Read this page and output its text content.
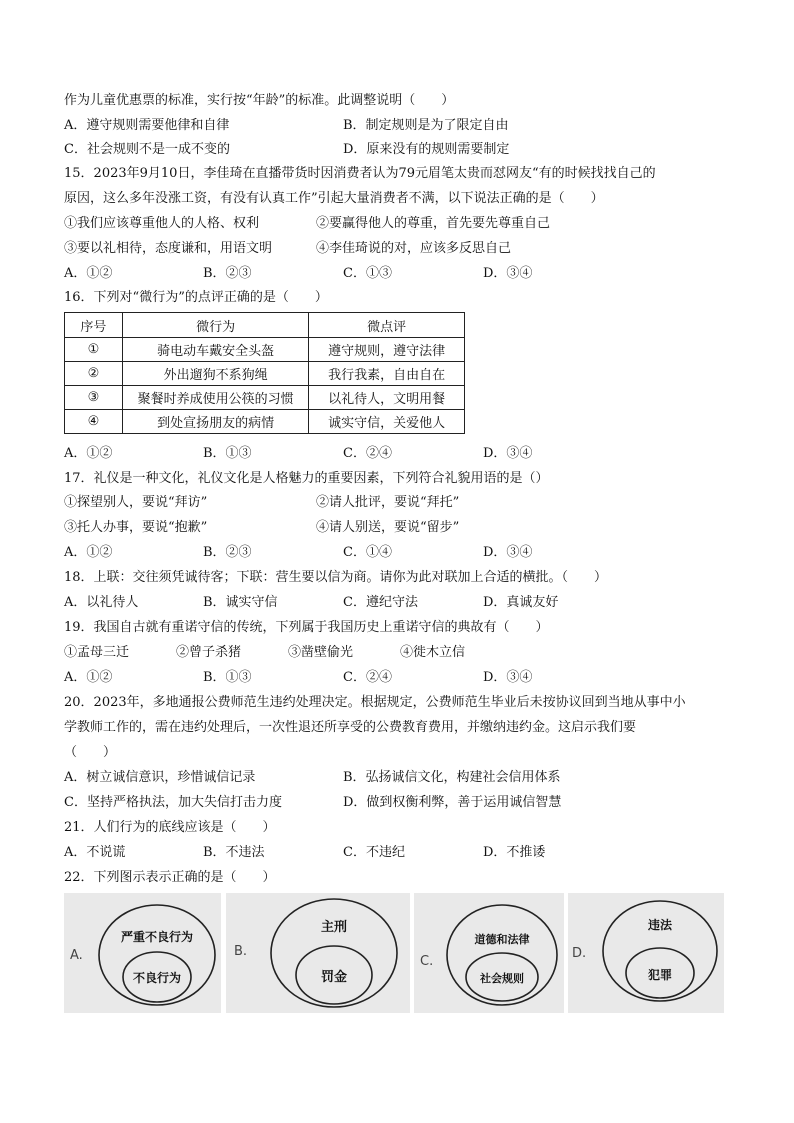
作为儿童优惠票的标准，实行按“年龄”的标准。此调整说明（　　）
A．遵守规则需要他律和自律	B．制定规则是为了限定自由
C．社会规则不是一成不变的	D．原来没有的规则需要制定
15．2023年9月10日，李佳琦在直播带货时因消费者认为79元眉笔太贵而怼网友“有的时候找找自己的
原因，这么多年没涨工资，有没有认真工作”引起大量消费者不满，以下说法正确的是（　　）
①我们应该尊重他人的人格、权利	②要赢得他人的尊重，首先要先尊重自己
③要以礼相待，态度谦和，用语文明	④李佳琦说的对，应该多反思自己
A．①②	B．②③	C．①③	D．③④
16．下列对“微行为”的点评正确的是（　　）
序号	微行为	微点评
①	骑电动车戴安全头盔	遵守规则，遵守法律
②	外出遛狗不系狗绳	我行我素，自由自在
③	聚餐时养成使用公筷的习惯	以礼待人，文明用餐
④	到处宣扬朋友的病情	诚实守信，关爱他人
A．①②	B．①③	C．②④	D．③④
17．礼仪是一种文化，礼仪文化是人格魅力的重要因素，下列符合礼貌用语的是（）
①探望别人，要说“拜访”	②请人批评，要说“拜托”
③托人办事，要说“抱歉”	④请人别送，要说“留步”
A．①②	B．②③	C．①④	D．③④
18．上联：交往须凭诚待客；下联：营生要以信为商。请你为此对联加上合适的横批。（　　）
A．以礼待人	B．诚实守信	C．遵纪守法	D．真诚友好
19．我国自古就有重诺守信的传统，下列属于我国历史上重诺守信的典故有（　　）
①孟母三迁	②曾子杀猪	③凿壁偷光	④徙木立信
A．①②	B．①③	C．②④	D．③④
20．2023年，多地通报公费师范生违约处理决定。根据规定，公费师范生毕业后未按协议回到当地从事中小
学教师工作的，需在违约处理后，一次性退还所享受的公费教育费用，并缴纳违约金。这启示我们要
（　　）
A．树立诚信意识，珍惜诚信记录	B．弘扬诚信文化，构建社会信用体系
C．坚持严格执法，加大失信打击力度	D．做到权衡利弊，善于运用诚信智慧
21．人们行为的底线应该是（　　）
A．不说谎	B．不违法	C．不违纪	D．不推诿
22．下列图示表示正确的是（　　）
A.
严重不良行为
不良行为
B.
主刑
罚金
C.
道德和法律
社会规则
D.
违法
犯罪
